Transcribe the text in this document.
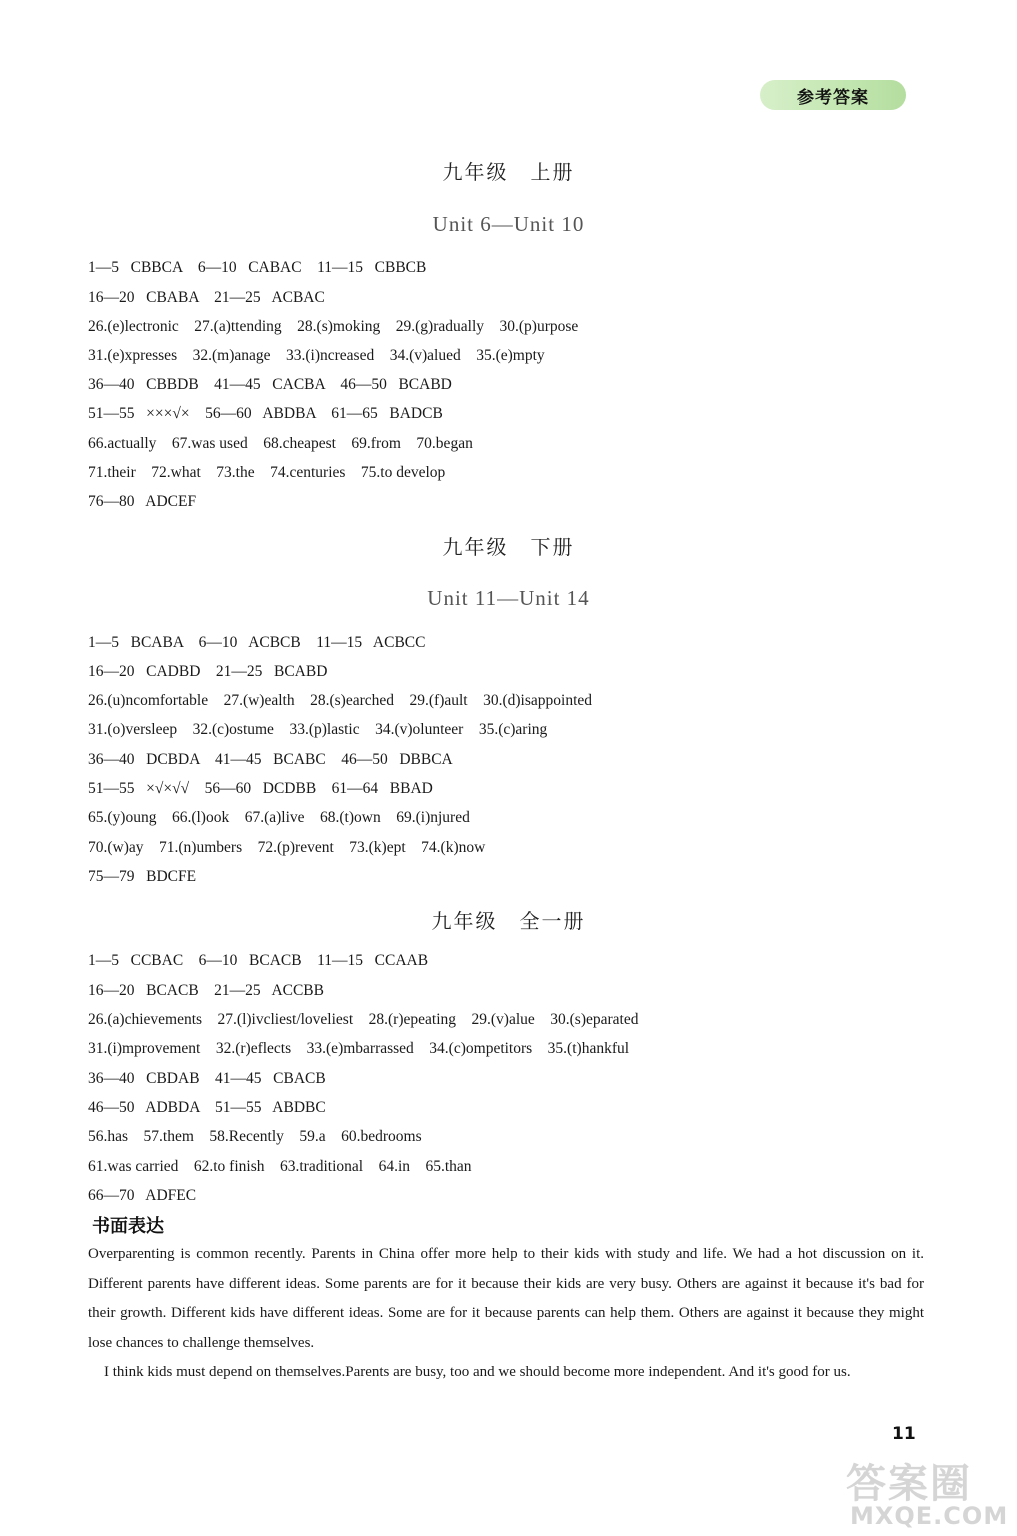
参考答案
九年级　上册
Unit 6—Unit 10
1—5   CBBCA    6—10   CABAC    11—15   CBBCB
16—20   CBABA    21—25   ACBAC
26.(e)lectronic    27.(a)ttending    28.(s)moking    29.(g)radually    30.(p)urpose
31.(e)xpresses    32.(m)anage    33.(i)ncreased    34.(v)alued    35.(e)mpty
36—40   CBBDB    41—45   CACBA    46—50   BCABD
51—55   ×××√×    56—60   ABDBA    61—65   BADCB
66.actually    67.was used    68.cheapest    69.from    70.began
71.their    72.what    73.the    74.centuries    75.to develop
76—80   ADCEF
九年级　下册
Unit 11—Unit 14
1—5   BCABA    6—10   ACBCB    11—15   ACBCC
16—20   CADBD    21—25   BCABD
26.(u)ncomfortable    27.(w)ealth    28.(s)earched    29.(f)ault    30.(d)isappointed
31.(o)versleep    32.(c)ostume    33.(p)lastic    34.(v)olunteer    35.(c)aring
36—40   DCBDA    41—45   BCABC    46—50   DBBCA
51—55   ×√×√√    56—60   DCDBB    61—64   BBAD
65.(y)oung    66.(l)ook    67.(a)live    68.(t)own    69.(i)njured
70.(w)ay    71.(n)umbers    72.(p)revent    73.(k)ept    74.(k)now
75—79   BDCFE
九年级　全一册
1—5   CCBAC    6—10   BCACB    11—15   CCAAB
16—20   BCACB    21—25   ACCBB
26.(a)chievements    27.(l)ivcliest/loveliest    28.(r)epeating    29.(v)alue    30.(s)eparated
31.(i)mprovement    32.(r)eflects    33.(e)mbarrassed    34.(c)ompetitors    35.(t)hankful
36—40   CBDAB    41—45   CBACB
46—50   ADBDA    51—55   ABDBC
56.has    57.them    58.Recently    59.a    60.bedrooms
61.was carried    62.to finish    63.traditional    64.in    65.than
66—70   ADFEC
书面表达

Overparenting is common recently. Parents in China offer more help to their kids with study and life. We had a hot discussion on it. Different parents have different ideas. Some parents are for it because their kids are very busy. Others are against it because it's bad for their growth. Different kids have different ideas. Some are for it because parents can help them. Others are against it because they might lose chances to challenge themselves.

I think kids must depend on themselves.Parents are busy, too and we should become more independent. And it's good for us.

11
答案圈
MXQE.COM
